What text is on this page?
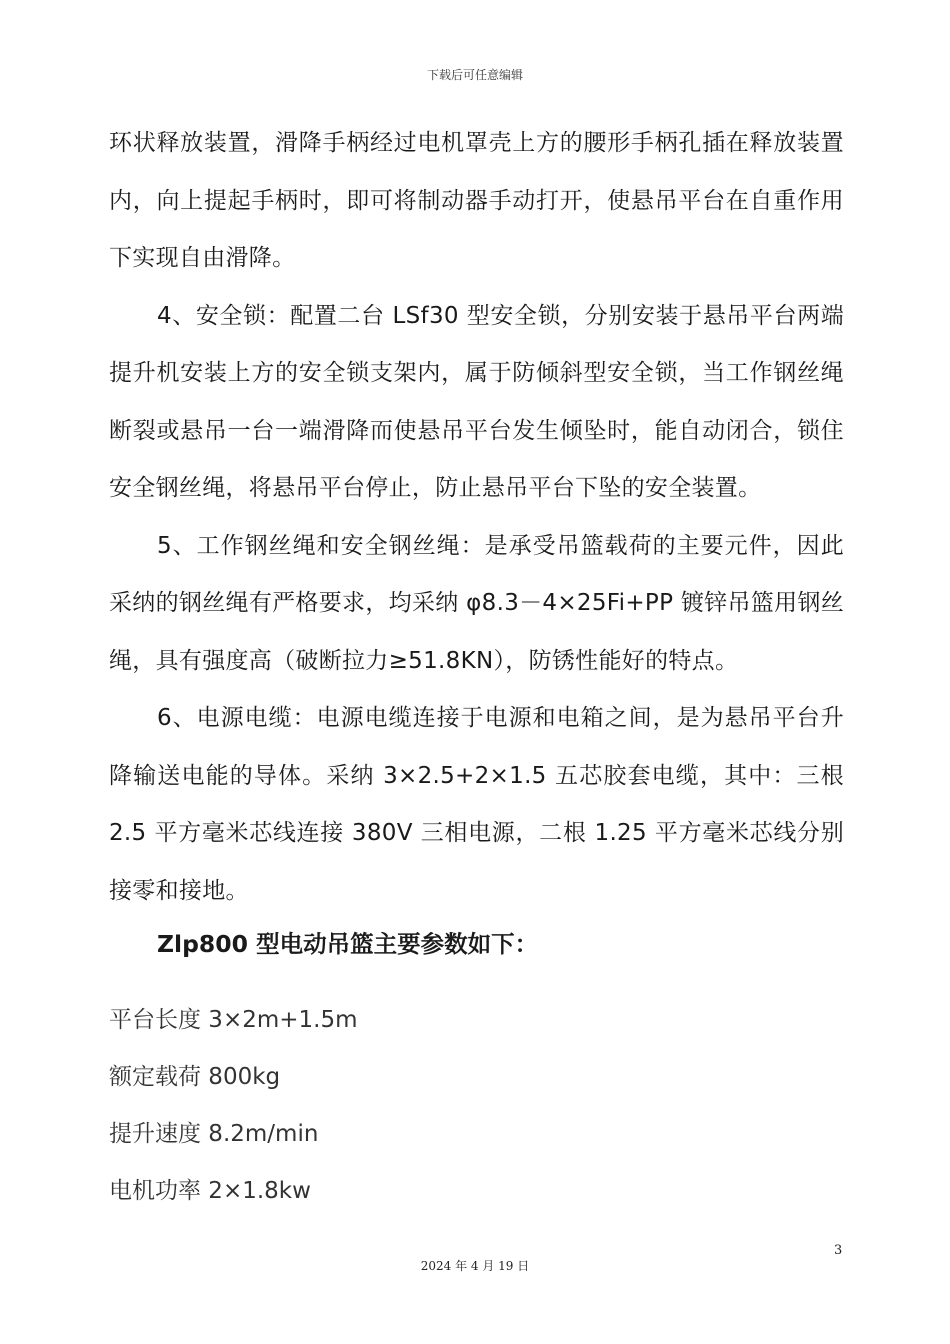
下载后可任意编辑

环状释放装置，滑降手柄经过电机罩壳上方的腰形手柄孔插在释放装置内，向上提起手柄时，即可将制动器手动打开，使悬吊平台在自重作用下实现自由滑降。

4、安全锁：配置二台 LSf30 型安全锁，分别安装于悬吊平台两端提升机安装上方的安全锁支架内，属于防倾斜型安全锁，当工作钢丝绳断裂或悬吊一台一端滑降而使悬吊平台发生倾坠时，能自动闭合，锁住安全钢丝绳，将悬吊平台停止，防止悬吊平台下坠的安全装置。

5、工作钢丝绳和安全钢丝绳：是承受吊篮载荷的主要元件，因此采纳的钢丝绳有严格要求，均采纳 φ8.3－4×25Fi+PP 镀锌吊篮用钢丝绳，具有强度高（破断拉力≥51.8KN），防锈性能好的特点。

6、电源电缆：电源电缆连接于电源和电箱之间，是为悬吊平台升降输送电能的导体。采纳 3×2.5+2×1.5 五芯胶套电缆，其中：三根 2.5 平方毫米芯线连接 380V 三相电源，二根 1.25 平方毫米芯线分别接零和接地。

Zlp800 型电动吊篮主要参数如下：
平台长度 3×2m+1.5m
额定载荷 800kg
提升速度 8.2m/min
电机功率 2×1.8kw
3
2024 年 4 月 19 日
